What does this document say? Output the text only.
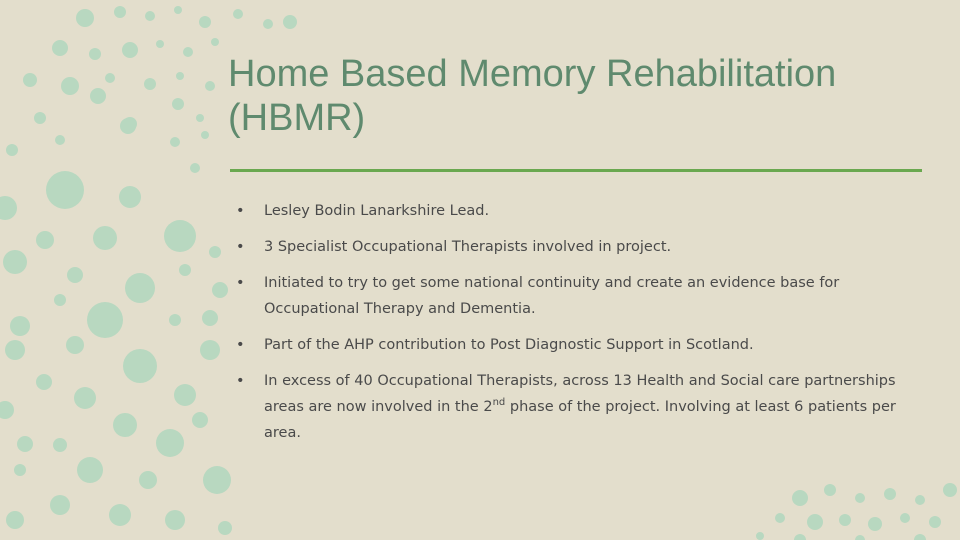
Home Based Memory Rehabilitation
(HBMR)
• Lesley Bodin Lanarkshire Lead.
• 3 Specialist Occupational Therapists involved in project.
• Initiated to try to get some national continuity and create an evidence base for Occupational Therapy and Dementia.
• Part of the AHP contribution to Post Diagnostic Support in Scotland.
• In excess of 40 Occupational Therapists, across 13 Health and Social care partnerships areas are now involved in the 2nd phase of the project. Involving at least 6 patients per area.
